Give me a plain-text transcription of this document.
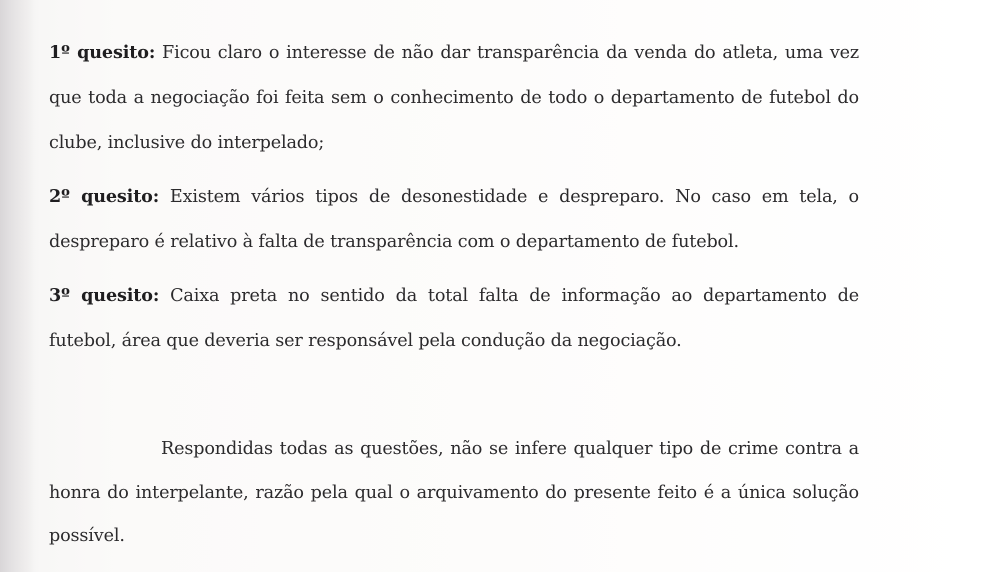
1º quesito: Ficou claro o interesse de não dar transparência da venda do atleta, uma vez que toda a negociação foi feita sem o conhecimento de todo o departamento de futebol do clube, inclusive do interpelado;

2º quesito: Existem vários tipos de desonestidade e despreparo. No caso em tela, o despreparo é relativo à falta de transparência com o departamento de futebol.

3º quesito: Caixa preta no sentido da total falta de informação ao departamento de futebol, área que deveria ser responsável pela condução da negociação.

Respondidas todas as questões, não se infere qualquer tipo de crime contra a honra do interpelante, razão pela qual o arquivamento do presente feito é a única solução possível.
